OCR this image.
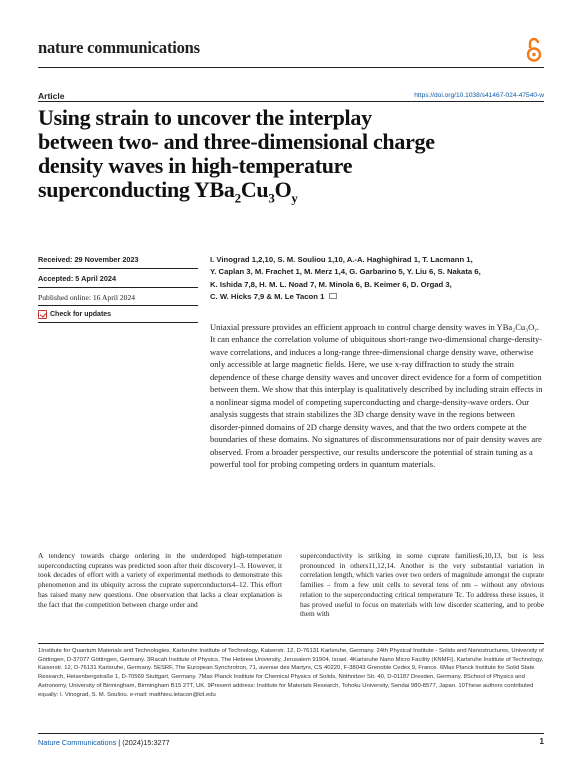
nature communications
Article	https://doi.org/10.1038/s41467-024-47540-w
Using strain to uncover the interplay
between two- and three-dimensional charge
density waves in high-temperature
superconducting $YBa_2Cu_3O_y$
Received: 29 November 2023
Accepted: 5 April 2024
Published online: 16 April 2024
Check for updates
I. Vinograd 1,2,10, S. M. Souliou 1,10, A.-A. Haghighirad 1, T. Lacmann 1,
Y. Caplan 3, M. Frachet 1, M. Merz 1,4, G. Garbarino 5, Y. Liu 6, S. Nakata 6,
K. Ishida 7,8, H. M. L. Noad 7, M. Minola 6, B. Keimer 6, D. Orgad 3,
C. W. Hicks 7,9 & M. Le Tacon 1
Uniaxial pressure provides an efficient approach to control charge density waves in YBa₂Cu₃Oᵧ. It can enhance the correlation volume of ubiquitous short-range two-dimensional charge-density-wave correlations, and induces a long-range three-dimensional charge density wave, otherwise only accessible at large magnetic fields. Here, we use x-ray diffraction to study the strain dependence of these charge density waves and uncover direct evidence for a form of competition between them. We show that this interplay is qualitatively described by including strain effects in a nonlinear sigma model of competing superconducting and charge-density-wave orders. Our analysis suggests that strain stabilizes the 3D charge density wave in the regions between disorder-pinned domains of 2D charge density waves, and that the two orders compete at the boundaries of these domains. No signatures of discommensurations nor of pair density waves are observed. From a broader perspective, our results underscore the potential of strain tuning as a powerful tool for probing competing orders in quantum materials.
A tendency towards charge ordering in the underdoped high-temperature superconducting cuprates was predicted soon after their discovery1–3. However, it took decades of effort with a variety of experimental methods to demonstrate this phenomenon and its ubiquity across the cuprate superconductors4–12. This effort has raised many new questions. One observation that lacks a clear explanation is the fact that the competition between charge order and
superconductivity is striking in some cuprate families6,10,13, but is less pronounced in others11,12,14. Another is the very substantial variation in correlation length, which varies over two orders of magnitude amongst the cuprate families – from a few unit cells to several tens of nm – without any obvious relation to the superconducting critical temperature Tc. To address these issues, it has proved useful to focus on materials with low disorder scattering, and to probe them with
1Institute for Quantum Materials and Technologies, Karlsruhe Institute of Technology, Kaiserstr. 12, D-76131 Karlsruhe, Germany. 24th Physical Institute - Solids and Nanostructures, University of Göttingen, D-37077 Göttingen, Germany. 3Racah Institute of Physics, The Hebrew University, Jerusalem 91904, Israel. 4Karlsruhe Nano Micro Facility (KNMFi), Karlsruhe Institute of Technology, Kaiserstr. 12, D-76131 Karlsruhe, Germany. 5ESRF, The European Synchrotron, 71, avenue des Martyrs, CS 40220, F-38043 Grenoble Cedex 9, France. 6Max Planck Institute for Solid State Research, Heisenbergstraße 1, D-70569 Stuttgart, Germany. 7Max Planck Institute for Chemical Physics of Solids, Nöthnitzer Str. 40, D-01187 Dresden, Germany. 8School of Physics and Astronomy, University of Birmingham, Birmingham B15 2TT, UK. 9Present address: Institute for Materials Research, Tohoku University, Sendai 980-8577, Japan. 10These authors contributed equally: I. Vinograd, S. M. Souliou. e-mail: matthieu.letacon@kit.edu
Nature Communications | (2024)15:3277	1
